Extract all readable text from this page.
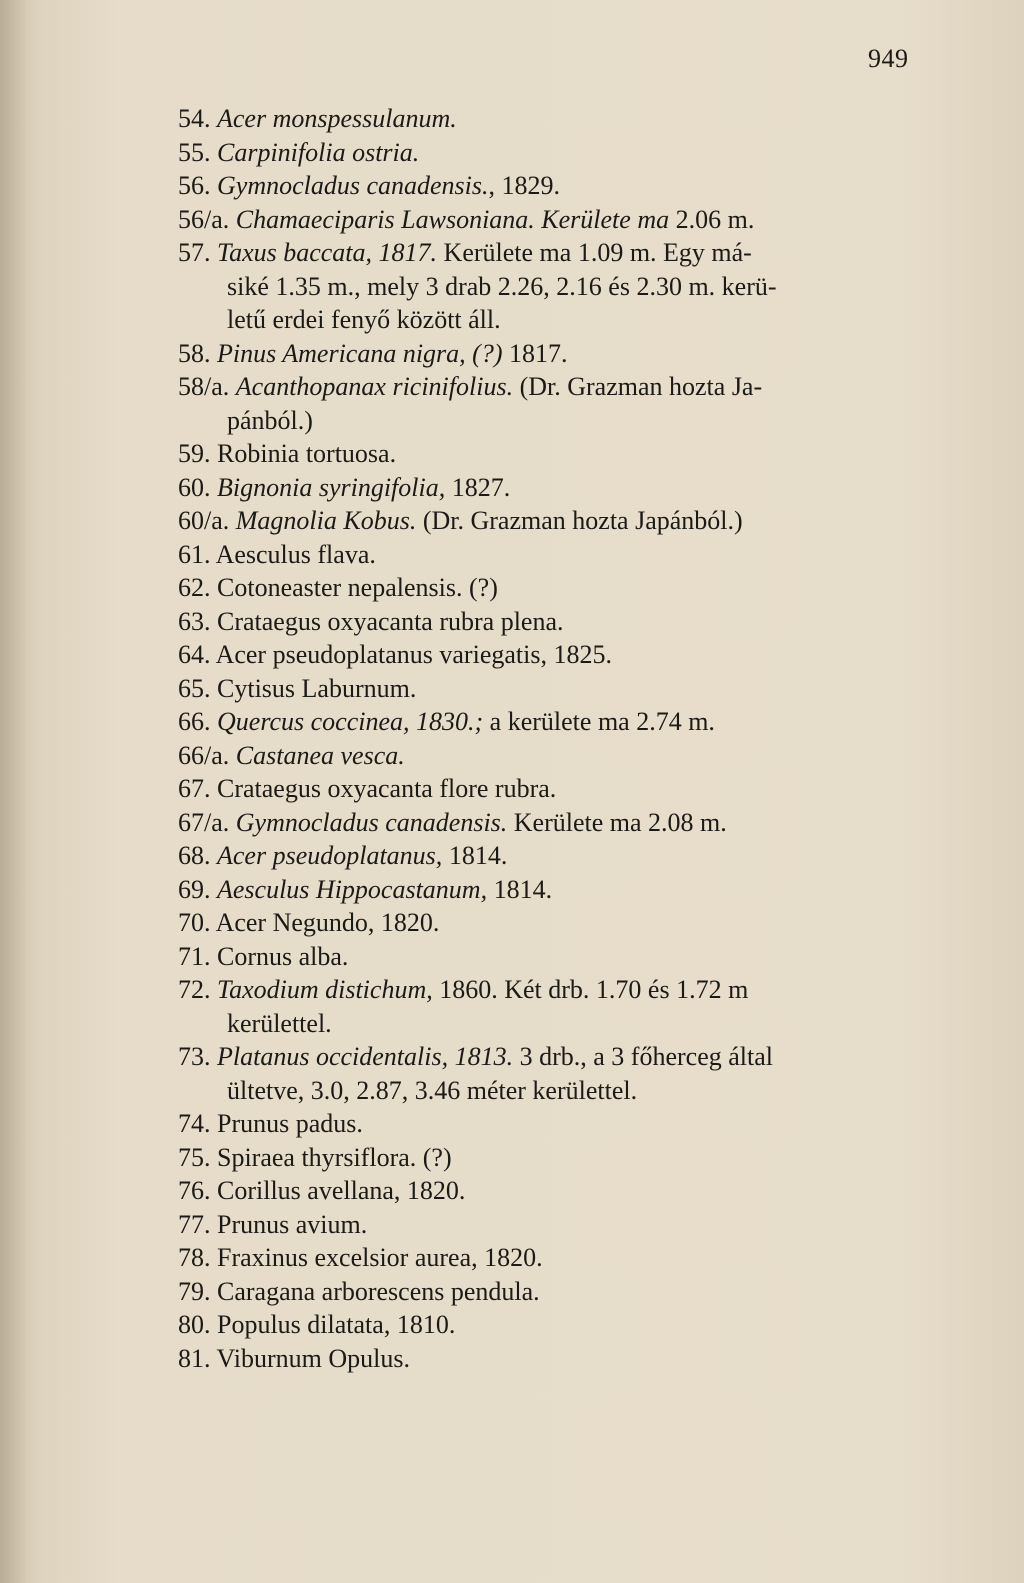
949
54. Acer monspessulanum.
55. Carpinifolia ostria.
56. Gymnocladus canadensis., 1829.
56/a. Chamaeciparis Lawsoniana. Kerülete ma 2.06 m.
57. Taxus baccata, 1817. Kerülete ma 1.09 m. Egy má-
siké 1.35 m., mely 3 drab 2.26, 2.16 és 2.30 m. kerü-
letű erdei fenyő között áll.
58. Pinus Americana nigra, (?) 1817.
58/a. Acanthopanax ricinifolius. (Dr. Grazman hozta Ja-
pánból.)
59. Robinia tortuosa.
60. Bignonia syringifolia, 1827.
60/a. Magnolia Kobus. (Dr. Grazman hozta Japánból.)
61. Aesculus flava.
62. Cotoneaster nepalensis. (?)
63. Crataegus oxyacanta rubra plena.
64. Acer pseudoplatanus variegatis, 1825.
65. Cytisus Laburnum.
66. Quercus coccinea, 1830.; a kerülete ma 2.74 m.
66/a. Castanea vesca.
67. Crataegus oxyacanta flore rubra.
67/a. Gymnocladus canadensis. Kerülete ma 2.08 m.
68. Acer pseudoplatanus, 1814.
69. Aesculus Hippocastanum, 1814.
70. Acer Negundo, 1820.
71. Cornus alba.
72. Taxodium distichum, 1860. Két drb. 1.70 és 1.72 m
kerülettel.
73. Platanus occidentalis, 1813. 3 drb., a 3 főherceg által
ültetve, 3.0, 2.87, 3.46 méter kerülettel.
74. Prunus padus.
75. Spiraea thyrsiflora. (?)
76. Corillus avellana, 1820.
77. Prunus avium.
78. Fraxinus excelsior aurea, 1820.
79. Caragana arborescens pendula.
80. Populus dilatata, 1810.
81. Viburnum Opulus.
